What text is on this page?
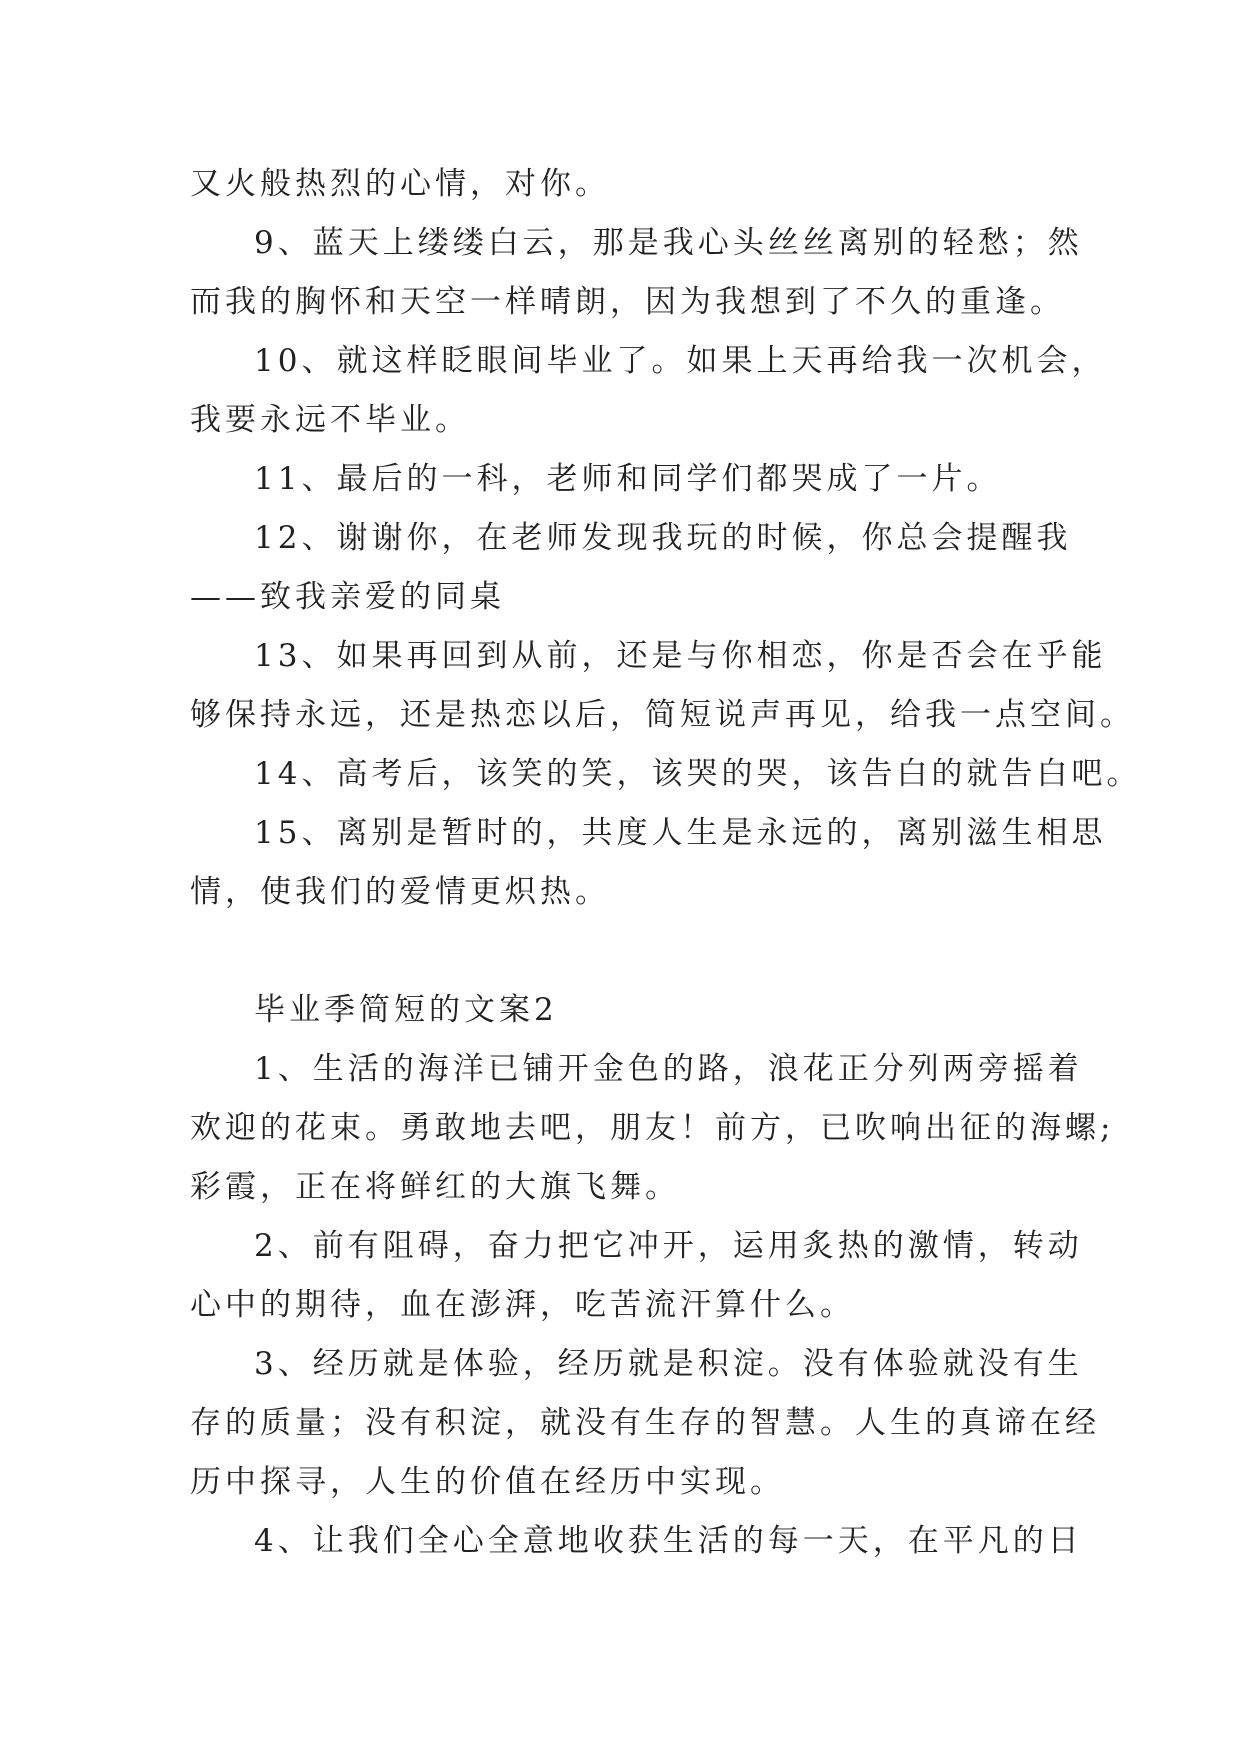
又火般热烈的心情，对你。

9、蓝天上缕缕白云，那是我心头丝丝离别的轻愁；然
而我的胸怀和天空一样晴朗，因为我想到了不久的重逢。

10、就这样眨眼间毕业了。如果上天再给我一次机会，
我要永远不毕业。

11、最后的一科，老师和同学们都哭成了一片。

12、谢谢你，在老师发现我玩的时候，你总会提醒我
——致我亲爱的同桌

13、如果再回到从前，还是与你相恋，你是否会在乎能
够保持永远，还是热恋以后，简短说声再见，给我一点空间。

14、高考后，该笑的笑，该哭的哭，该告白的就告白吧。

15、离别是暂时的，共度人生是永远的，离别滋生相思
情，使我们的爱情更炽热。

毕业季简短的文案2

1、生活的海洋已铺开金色的路，浪花正分列两旁摇着
欢迎的花束。勇敢地去吧，朋友！前方，已吹响出征的海螺;
彩霞，正在将鲜红的大旗飞舞。

2、前有阻碍，奋力把它冲开，运用炙热的激情，转动
心中的期待，血在澎湃，吃苦流汗算什么。

3、经历就是体验，经历就是积淀。没有体验就没有生
存的质量；没有积淀，就没有生存的智慧。人生的真谛在经
历中探寻，人生的价值在经历中实现。

4、让我们全心全意地收获生活的每一天，在平凡的日
